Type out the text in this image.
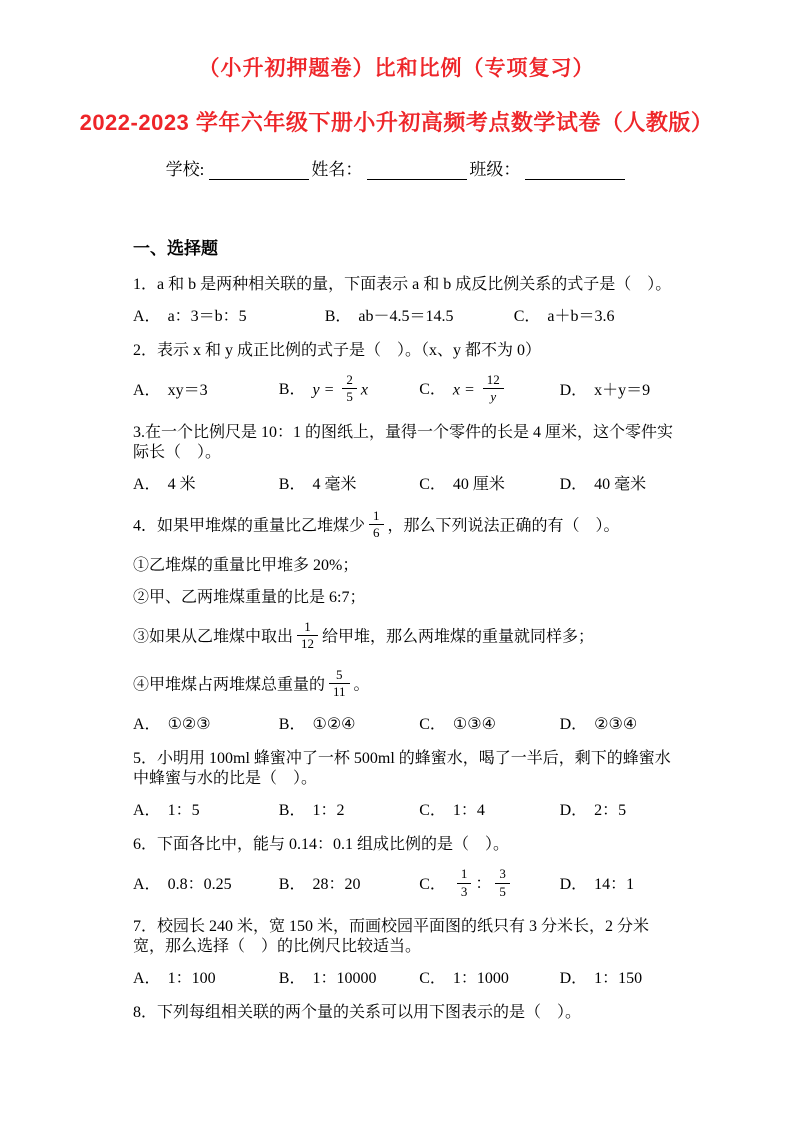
（小升初押题卷）比和比例（专项复习）
2022-2023 学年六年级下册小升初高频考点数学试卷（人教版）
学校:	姓名：	班级：
一、选择题

1．a 和 b 是两种相关联的量，下面表示 a 和 b 成反比例关系的式子是（　）。

A． a：3＝b：5	B． ab－4.5＝14.5	C． a＋b＝3.6

2．表示 x 和 y 成正比例的式子是（　）。（x、y 都不为 0）

A． xy＝3	B． $y = \frac{2}{5}$ x	C． $x = \frac{12}{y}$	D． x＋y＝9

3.在一个比例尺是 10：1 的图纸上，量得一个零件的长是 4 厘米，这个零件实际长（　）。

A． 4 米	B． 4 毫米	C． 40 厘米	D． 40 毫米

4．如果甲堆煤的重量比乙堆煤少 $\frac{1}{6}$ ，那么下列说法正确的有（　）。

①乙堆煤的重量比甲堆多 20%；

②甲、乙两堆煤重量的比是 6:7；

③如果从乙堆煤中取出 $\frac{1}{12}$ 给甲堆，那么两堆煤的重量就同样多；

④甲堆煤占两堆煤总重量的 $\frac{5}{11}$ 。

A． ①②③	B． ①②④	C． ①③④	D． ②③④

5．小明用 100ml 蜂蜜冲了一杯 500ml 的蜂蜜水，喝了一半后，剩下的蜂蜜水中蜂蜜与水的比是（　）。

A． 1：5	B． 1：2	C． 1：4	D． 2：5

6．下面各比中，能与 0.14：0.1 组成比例的是（　）。

A． 0.8：0.25	B． 28：20	C． $\frac{1}{3}$ ： $\frac{3}{5}$	D． 14：1

7．校园长 240 米，宽 150 米，而画校园平面图的纸只有 3 分米长，2 分米宽，那么选择（　）的比例尺比较适当。

A． 1：100	B． 1：10000	C． 1：1000	D． 1：150

8．下列每组相关联的两个量的关系可以用下图表示的是（　）。
